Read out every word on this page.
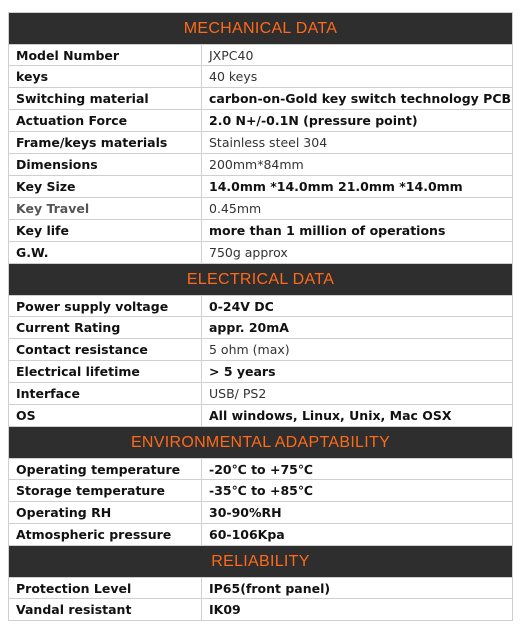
MECHANICAL DATA
Model Number	JXPC40
keys	40 keys
Switching material	carbon-on-Gold key switch technology PCB
Actuation Force	2.0 N+/-0.1N (pressure point)
Frame/keys materials	Stainless steel 304
Dimensions	200mm*84mm
Key Size	14.0mm *14.0mm 21.0mm *14.0mm
Key Travel	0.45mm
Key life	more than 1 million of operations
G.W.	750g approx
ELECTRICAL DATA
Power supply voltage	0-24V DC
Current Rating	appr. 20mA
Contact resistance	5 ohm (max)
Electrical lifetime	> 5 years
Interface	USB/ PS2
OS	All windows, Linux, Unix, Mac OSX
ENVIRONMENTAL ADAPTABILITY
Operating temperature	-20℃ to +75℃
Storage temperature	-35℃ to +85℃
Operating RH	30-90%RH
Atmospheric pressure	60-106Kpa
RELIABILITY
Protection Level	IP65(front panel)
Vandal resistant	IK09
